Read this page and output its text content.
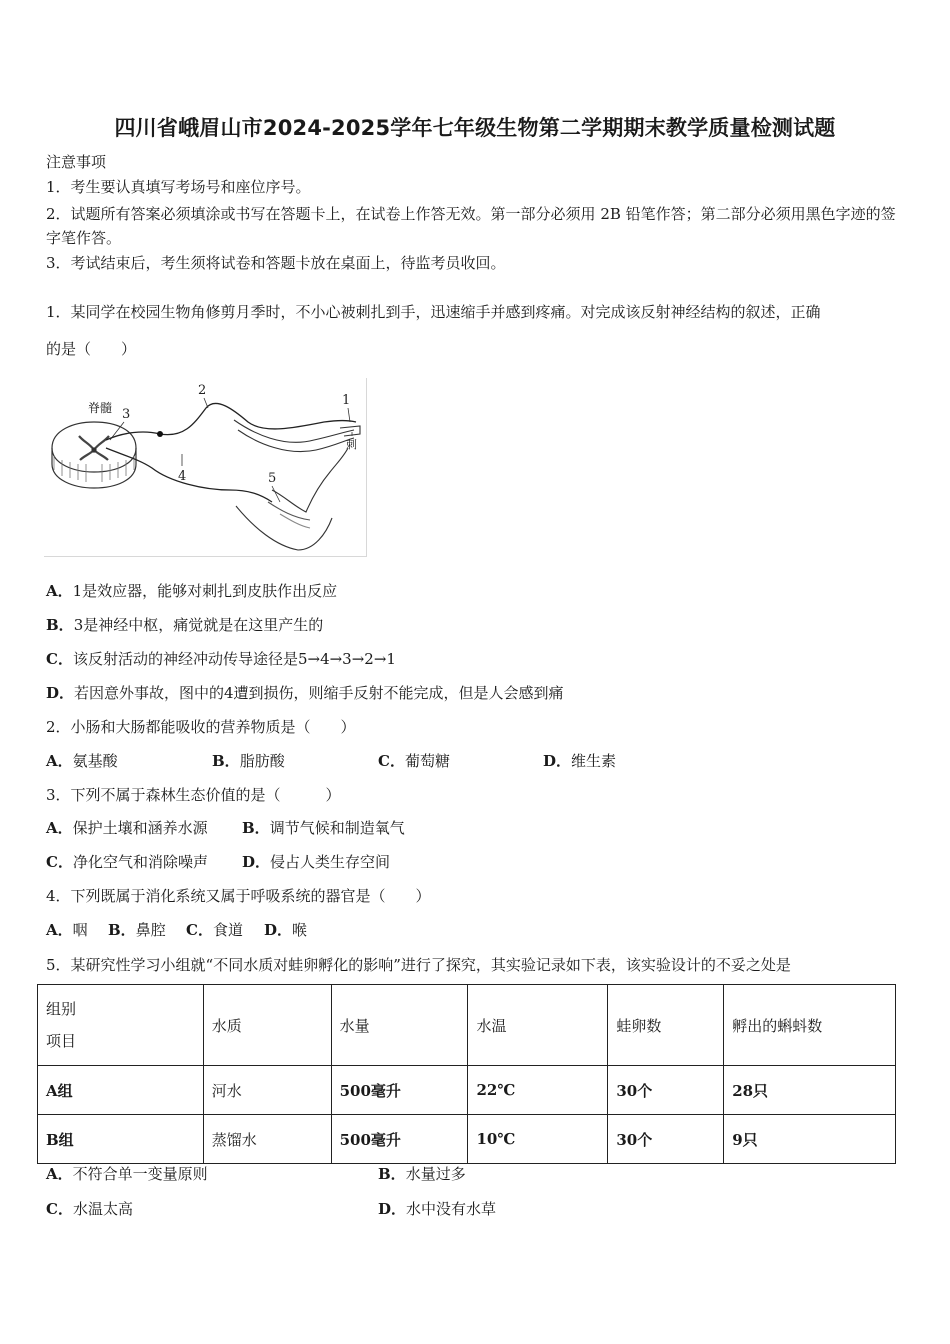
四川省峨眉山市2024-2025学年七年级生物第二学期期末教学质量检测试题
注意事项
1．考生要认真填写考场号和座位序号。
2．试题所有答案必须填涂或书写在答题卡上，在试卷上作答无效。第一部分必须用 2B 铅笔作答；第二部分必须用黑色字迹的签字笔作答。
3．考试结束后，考生须将试卷和答题卡放在桌面上，待监考员收回。
1．某同学在校园生物角修剪月季时，不小心被刺扎到手，迅速缩手并感到疼痛。对完成该反射神经结构的叙述，正确
的是（　　）
脊髓 3
2
4	5
1
刺
A．1是效应器，能够对刺扎到皮肤作出反应
B．3是神经中枢，痛觉就是在这里产生的
C．该反射活动的神经冲动传导途径是5→4→3→2→1
D．若因意外事故，图中的4遭到损伤，则缩手反射不能完成，但是人会感到痛
2．小肠和大肠都能吸收的营养物质是（　　）
A．氨基酸	B．脂肪酸	C．葡萄糖	D．维生素
3．下列不属于森林生态价值的是（　　　）
A．保护土壤和涵养水源 B．调节气候和制造氧气
C．净化空气和消除噪声 D．侵占人类生存空间
4．下列既属于消化系统又属于呼吸系统的器官是（　　）
A．咽 B．鼻腔 C．食道 D．喉
5．某研究性学习小组就“不同水质对蛙卵孵化的影响”进行了探究，其实验记录如下表，该实验设计的不妥之处是
组别
项目	水质	水量	水温	蛙卵数	孵出的蝌蚪数
A组	河水	500毫升	22℃	30个	28只
B组	蒸馏水	500毫升	10℃	30个	9只
A．不符合单一变量原则	B．水量过多
C．水温太高	D．水中没有水草
